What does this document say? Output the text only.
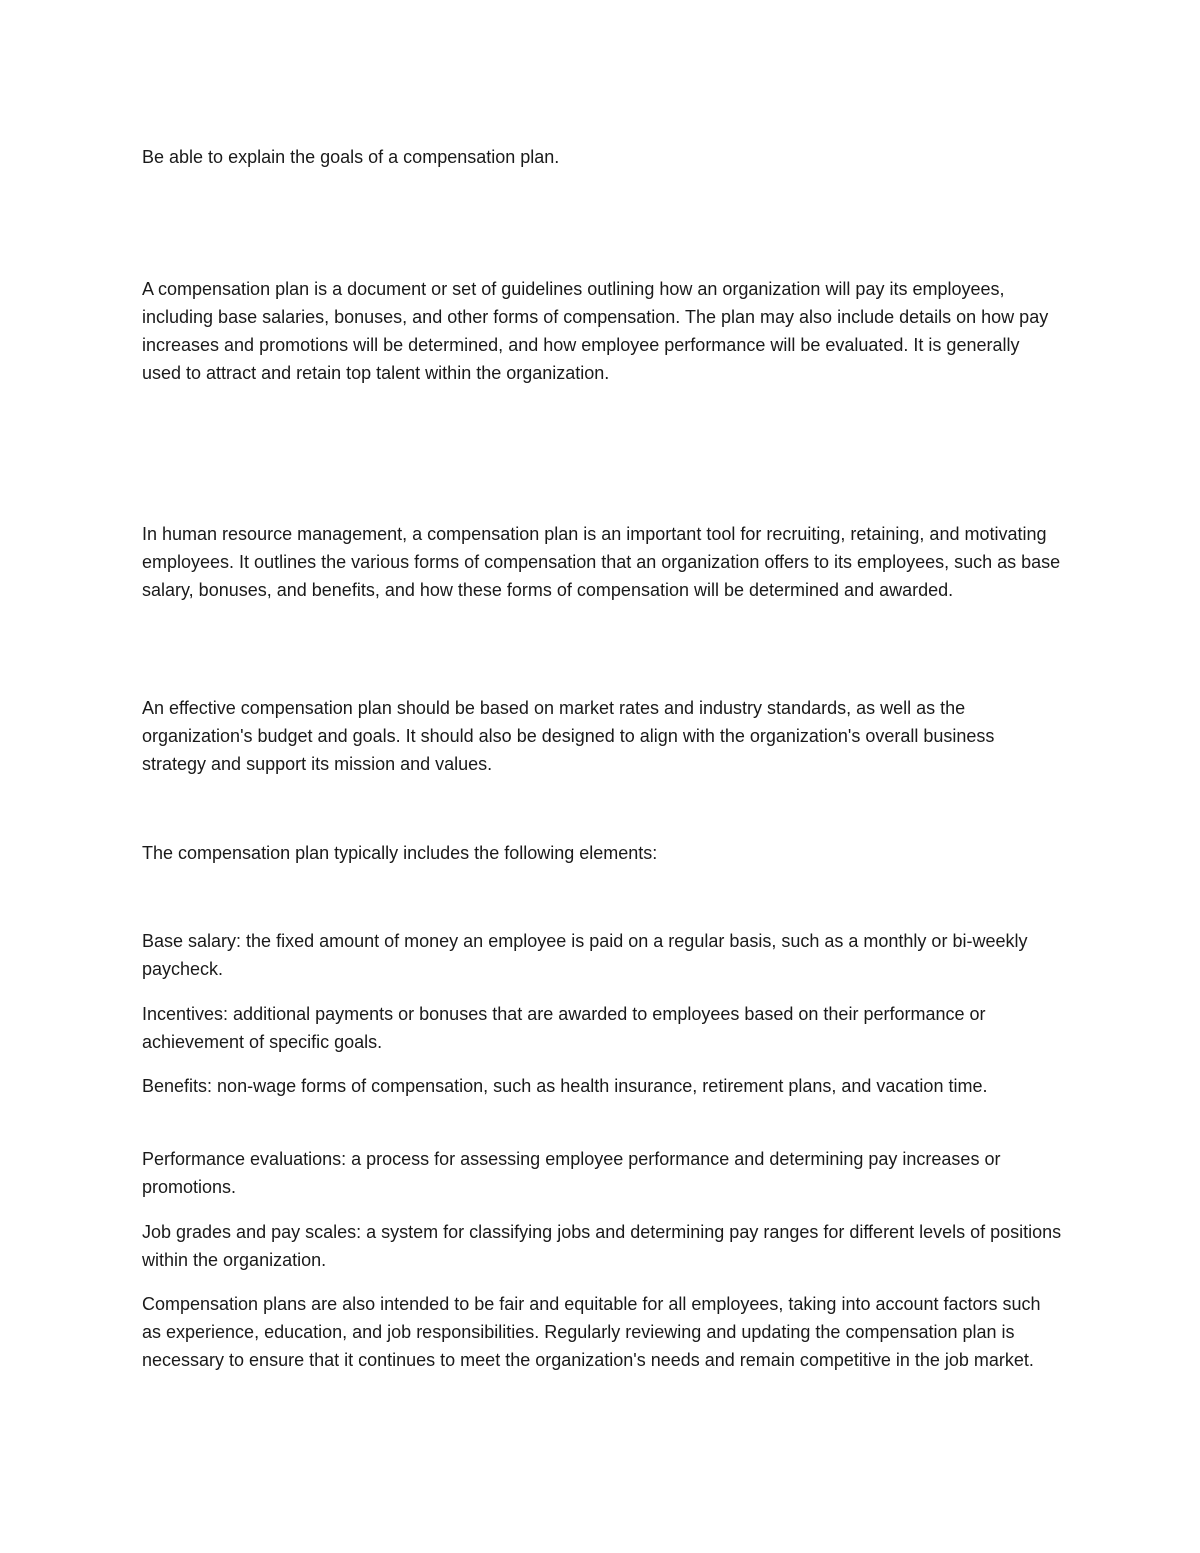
Be able to explain the goals of a compensation plan.

A compensation plan is a document or set of guidelines outlining how an organization will pay its employees, including base salaries, bonuses, and other forms of compensation. The plan may also include details on how pay increases and promotions will be determined, and how employee performance will be evaluated. It is generally used to attract and retain top talent within the organization.

In human resource management, a compensation plan is an important tool for recruiting, retaining, and motivating employees. It outlines the various forms of compensation that an organization offers to its employees, such as base salary, bonuses, and benefits, and how these forms of compensation will be determined and awarded.

An effective compensation plan should be based on market rates and industry standards, as well as the organization's budget and goals. It should also be designed to align with the organization's overall business strategy and support its mission and values.

The compensation plan typically includes the following elements:

Base salary: the fixed amount of money an employee is paid on a regular basis, such as a monthly or bi-weekly paycheck.

Incentives: additional payments or bonuses that are awarded to employees based on their performance or achievement of specific goals.

Benefits: non-wage forms of compensation, such as health insurance, retirement plans, and vacation time.

Performance evaluations: a process for assessing employee performance and determining pay increases or promotions.

Job grades and pay scales: a system for classifying jobs and determining pay ranges for different levels of positions within the organization.

Compensation plans are also intended to be fair and equitable for all employees, taking into account factors such as experience, education, and job responsibilities. Regularly reviewing and updating the compensation plan is necessary to ensure that it continues to meet the organization's needs and remain competitive in the job market.
